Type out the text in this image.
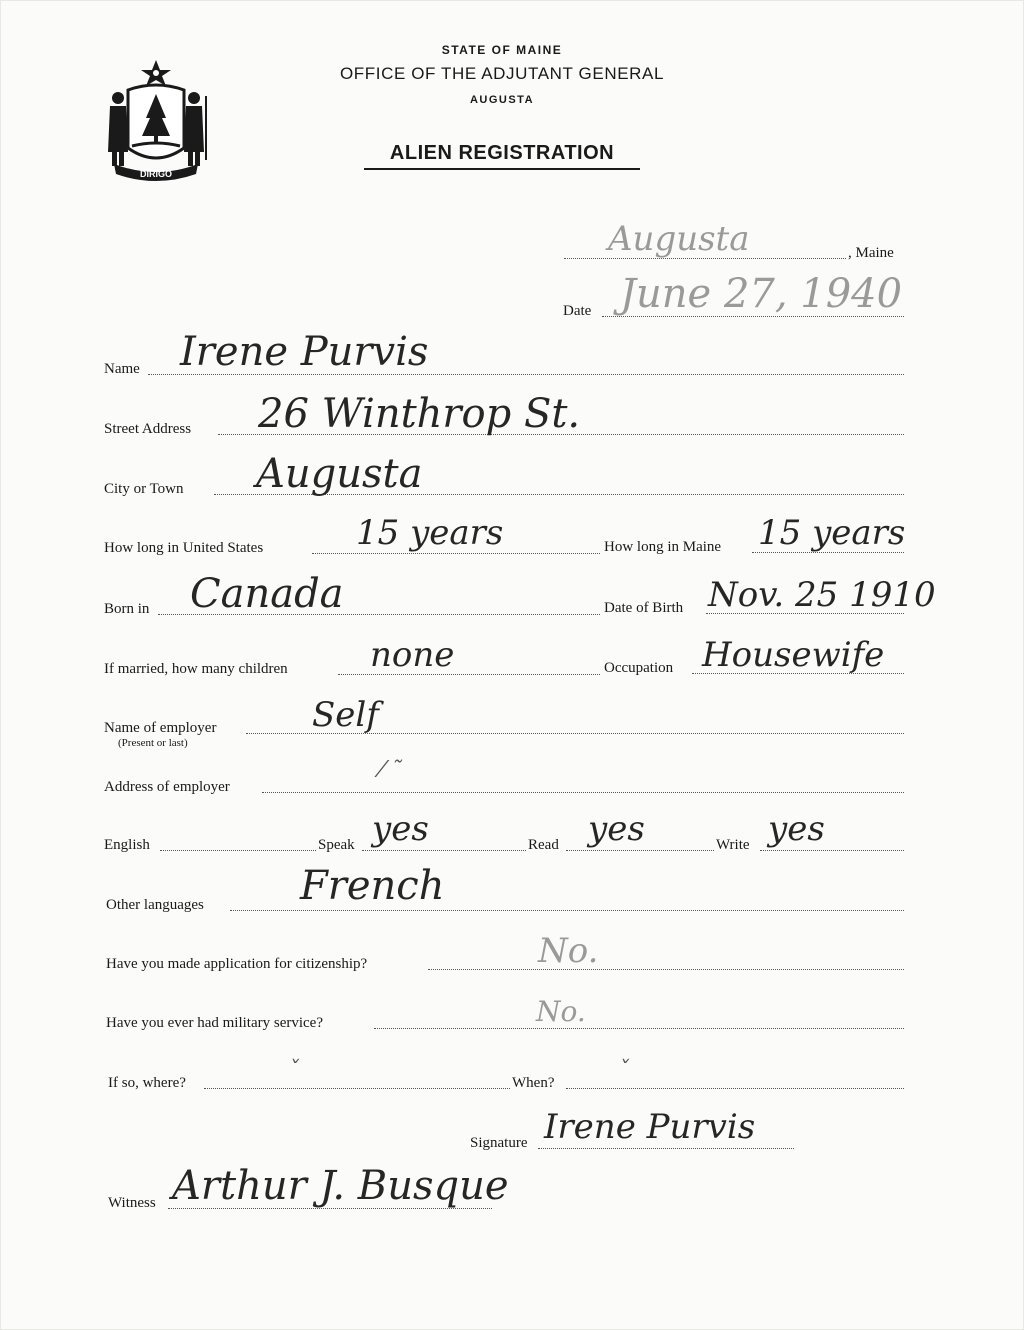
DIRIGO
STATE OF MAINE
OFFICE OF THE ADJUTANT GENERAL
AUGUSTA
ALIEN REGISTRATION
Augusta	, Maine
Date June 27, 1940
Name Irene Purvis
Street Address 26 Winthrop St.
City or Town Augusta
How long in United States	15 years	How long in Maine 15 years
Born in Canada	Date of Birth Nov. 25 1910
If married, how many children none	Occupation Housewife
Name of employer
(Present or last)
Self
Address of employer
⁄ ˜
English	Speak yes	Read yes	Write yes
Other languages French
Have you made application for citizenship?	No.
Have you ever had military service?	No.
If so, where?	ˇ	When?	ˇ
Signature Irene Purvis
Witness Arthur J. Busque
